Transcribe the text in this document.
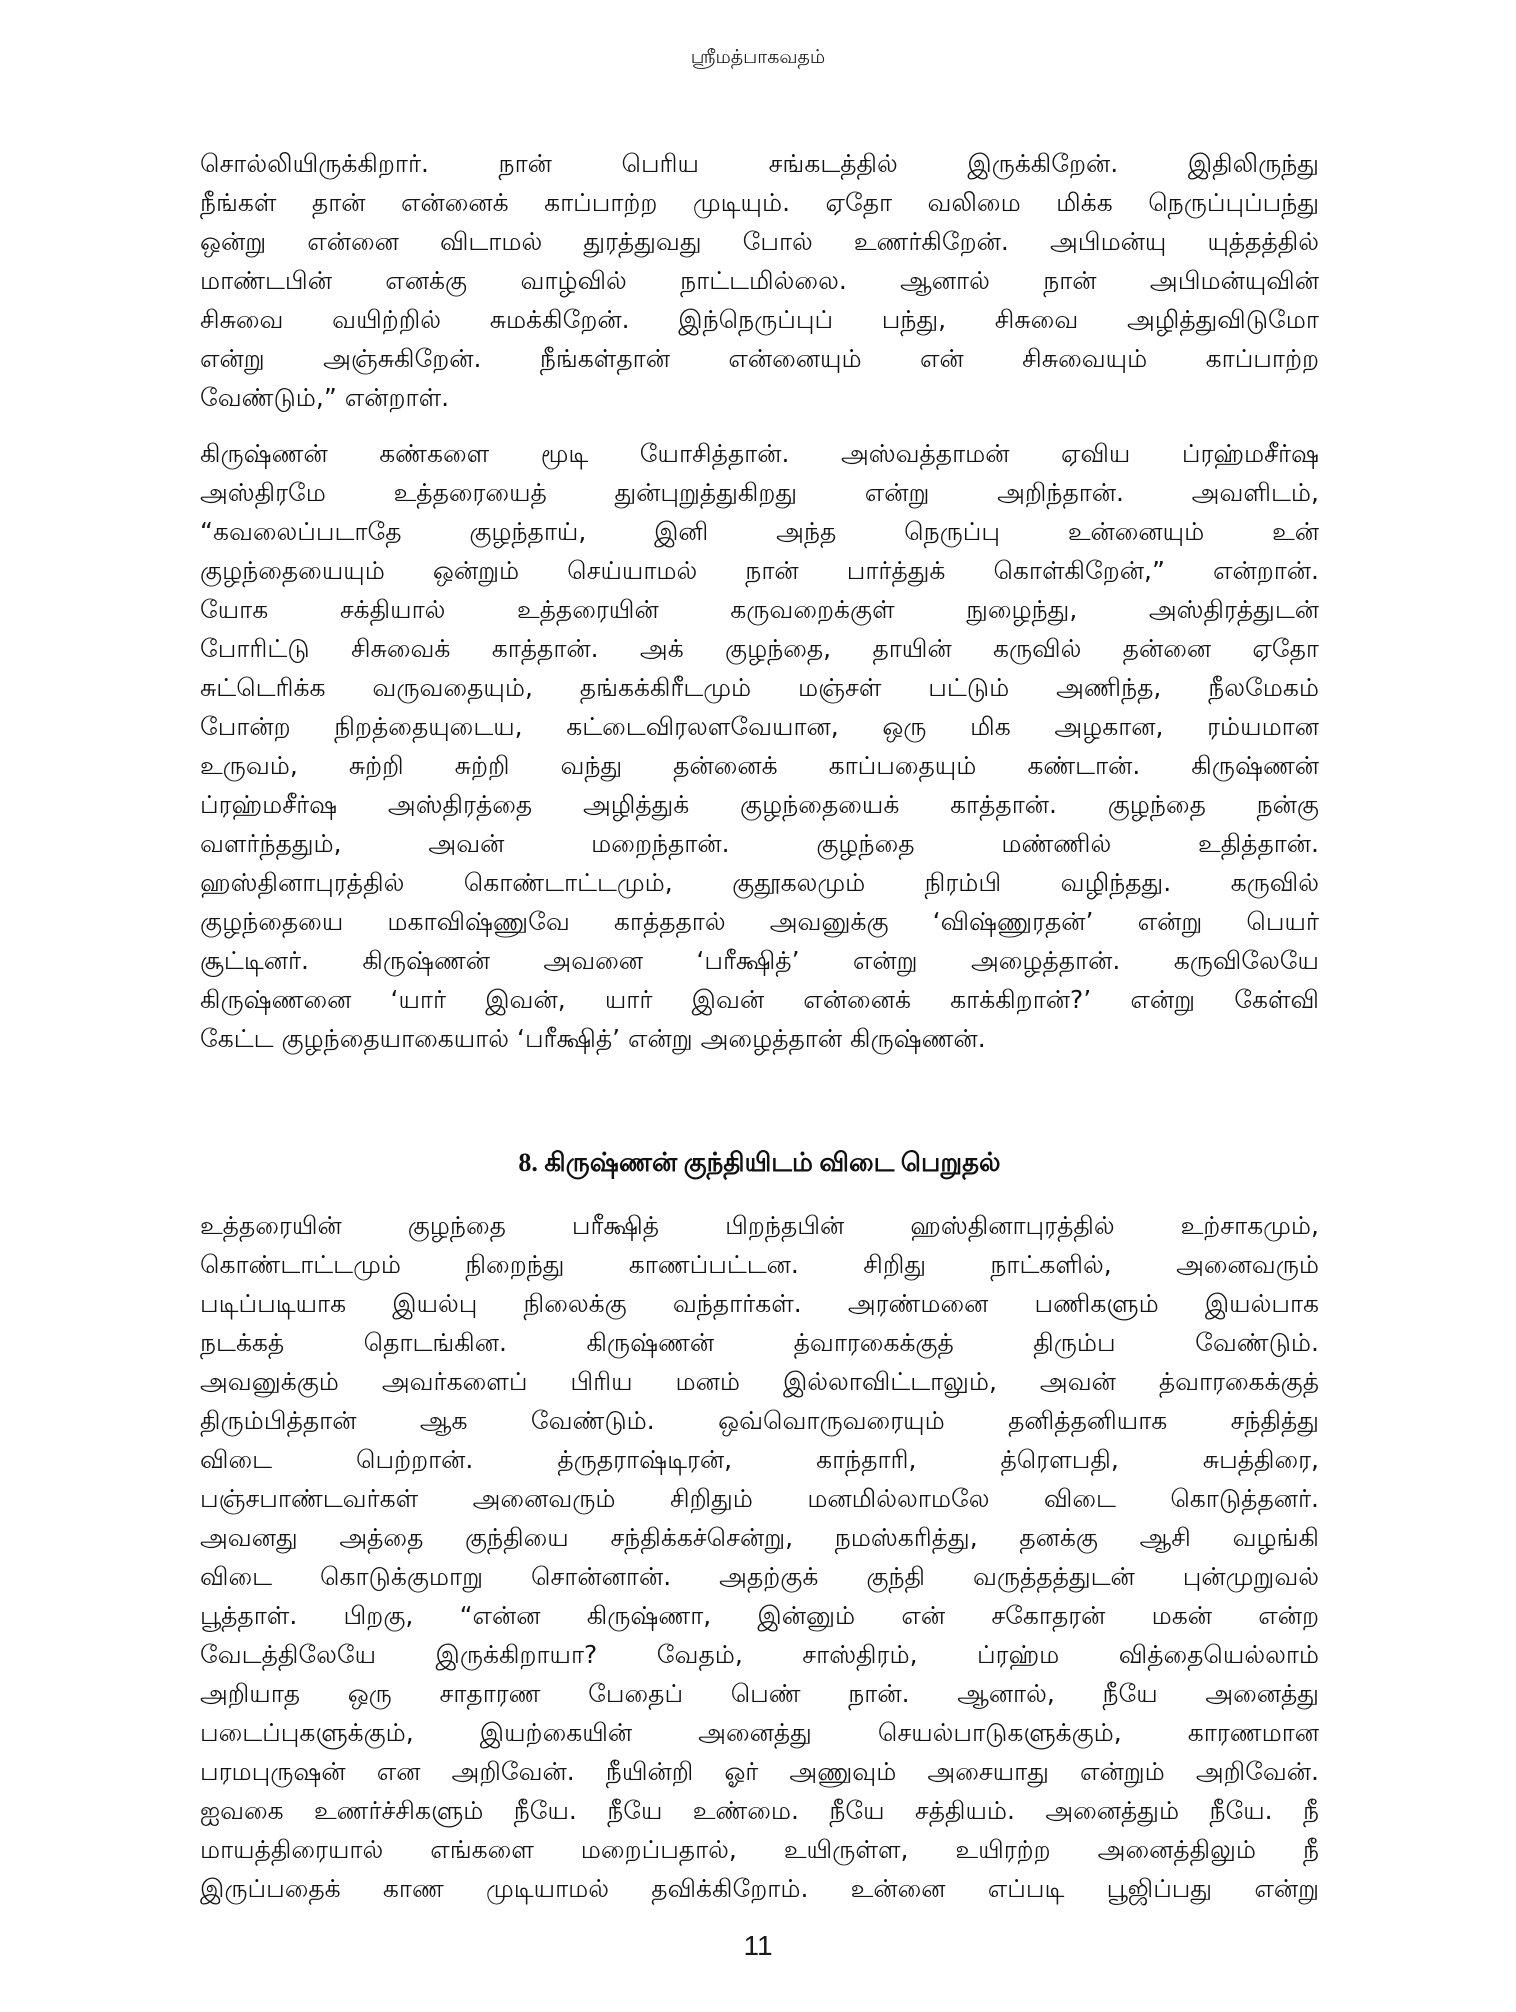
ஸ்ரீமத்பாகவதம்
சொல்லியிருக்கிறார். நான் பெரிய சங்கடத்தில் இருக்கிறேன். இதிலிருந்து
நீங்கள் தான் என்னைக் காப்பாற்ற முடியும். ஏதோ வலிமை மிக்க நெருப்புப்பந்து
ஒன்று என்னை விடாமல் துரத்துவது போல் உணர்கிறேன். அபிமன்யு யுத்தத்தில்
மாண்டபின் எனக்கு வாழ்வில் நாட்டமில்லை. ஆனால் நான் அபிமன்யுவின்
சிசுவை வயிற்றில் சுமக்கிறேன். இந்நெருப்புப் பந்து, சிசுவை அழித்துவிடுமோ
என்று அஞ்சுகிறேன். நீங்கள்தான் என்னையும் என் சிசுவையும் காப்பாற்ற
வேண்டும்,” என்றாள்.
கிருஷ்ணன் கண்களை மூடி யோசித்தான். அஸ்வத்தாமன் ஏவிய ப்ரஹ்மசீர்ஷ
அஸ்திரமே உத்தரையைத் துன்புறுத்துகிறது என்று அறிந்தான். அவளிடம்,
“கவலைப்படாதே குழந்தாய், இனி அந்த நெருப்பு உன்னையும் உன்
குழந்தையையும் ஒன்றும் செய்யாமல் நான் பார்த்துக் கொள்கிறேன்,” என்றான்.
யோக சக்தியால் உத்தரையின் கருவறைக்குள் நுழைந்து, அஸ்திரத்துடன்
போரிட்டு சிசுவைக் காத்தான். அக் குழந்தை, தாயின் கருவில் தன்னை ஏதோ
சுட்டெரிக்க வருவதையும், தங்கக்கிரீடமும் மஞ்சள் பட்டும் அணிந்த, நீலமேகம்
போன்ற நிறத்தையுடைய, கட்டைவிரலளவேயான, ஒரு மிக அழகான, ரம்யமான
உருவம், சுற்றி சுற்றி வந்து தன்னைக் காப்பதையும் கண்டான். கிருஷ்ணன்
ப்ரஹ்மசீர்ஷ அஸ்திரத்தை அழித்துக் குழந்தையைக் காத்தான். குழந்தை நன்கு
வளர்ந்ததும், அவன் மறைந்தான். குழந்தை மண்ணில் உதித்தான்.
ஹஸ்தினாபுரத்தில் கொண்டாட்டமும், குதூகலமும் நிரம்பி வழிந்தது. கருவில்
குழந்தையை மகாவிஷ்ணுவே காத்ததால் அவனுக்கு ‘விஷ்ணுரதன்’ என்று பெயர்
சூட்டினர். கிருஷ்ணன் அவனை ‘பரீக்ஷித்’ என்று அழைத்தான். கருவிலேயே
கிருஷ்ணனை ‘யார் இவன், யார் இவன் என்னைக் காக்கிறான்?’ என்று கேள்வி
கேட்ட குழந்தையாகையால் ‘பரீக்ஷித்’ என்று அழைத்தான் கிருஷ்ணன்.
8. கிருஷ்ணன் குந்தியிடம் விடை பெறுதல்
உத்தரையின் குழந்தை பரீக்ஷித் பிறந்தபின் ஹஸ்தினாபுரத்தில் உற்சாகமும்,
கொண்டாட்டமும் நிறைந்து காணப்பட்டன. சிறிது நாட்களில், அனைவரும்
படிப்படியாக இயல்பு நிலைக்கு வந்தார்கள். அரண்மனை பணிகளும் இயல்பாக
நடக்கத் தொடங்கின. கிருஷ்ணன் த்வாரகைக்குத் திரும்ப வேண்டும்.
அவனுக்கும் அவர்களைப் பிரிய மனம் இல்லாவிட்டாலும், அவன் த்வாரகைக்குத்
திரும்பித்தான் ஆக வேண்டும். ஒவ்வொருவரையும் தனித்தனியாக சந்தித்து
விடை பெற்றான். த்ருதராஷ்டிரன், காந்தாரி, த்ரௌபதி, சுபத்திரை,
பஞ்சபாண்டவர்கள் அனைவரும் சிறிதும் மனமில்லாமலே விடை கொடுத்தனர்.
அவனது அத்தை குந்தியை சந்திக்கச்சென்று, நமஸ்கரித்து, தனக்கு ஆசி வழங்கி
விடை கொடுக்குமாறு சொன்னான். அதற்குக் குந்தி வருத்தத்துடன் புன்முறுவல்
பூத்தாள். பிறகு, “என்ன கிருஷ்ணா, இன்னும் என் சகோதரன் மகன் என்ற
வேடத்திலேயே இருக்கிறாயா? வேதம், சாஸ்திரம், ப்ரஹ்ம வித்தையெல்லாம்
அறியாத ஒரு சாதாரண பேதைப் பெண் நான். ஆனால், நீயே அனைத்து
படைப்புகளுக்கும், இயற்கையின் அனைத்து செயல்பாடுகளுக்கும், காரணமான
பரமபுருஷன் என அறிவேன். நீயின்றி ஓர் அணுவும் அசையாது என்றும் அறிவேன்.
ஐவகை உணர்ச்சிகளும் நீயே. நீயே உண்மை. நீயே சத்தியம். அனைத்தும் நீயே. நீ
மாயத்திரையால் எங்களை மறைப்பதால், உயிருள்ள, உயிரற்ற அனைத்திலும் நீ
இருப்பதைக் காண முடியாமல் தவிக்கிறோம். உன்னை எப்படி பூஜிப்பது என்று
11
